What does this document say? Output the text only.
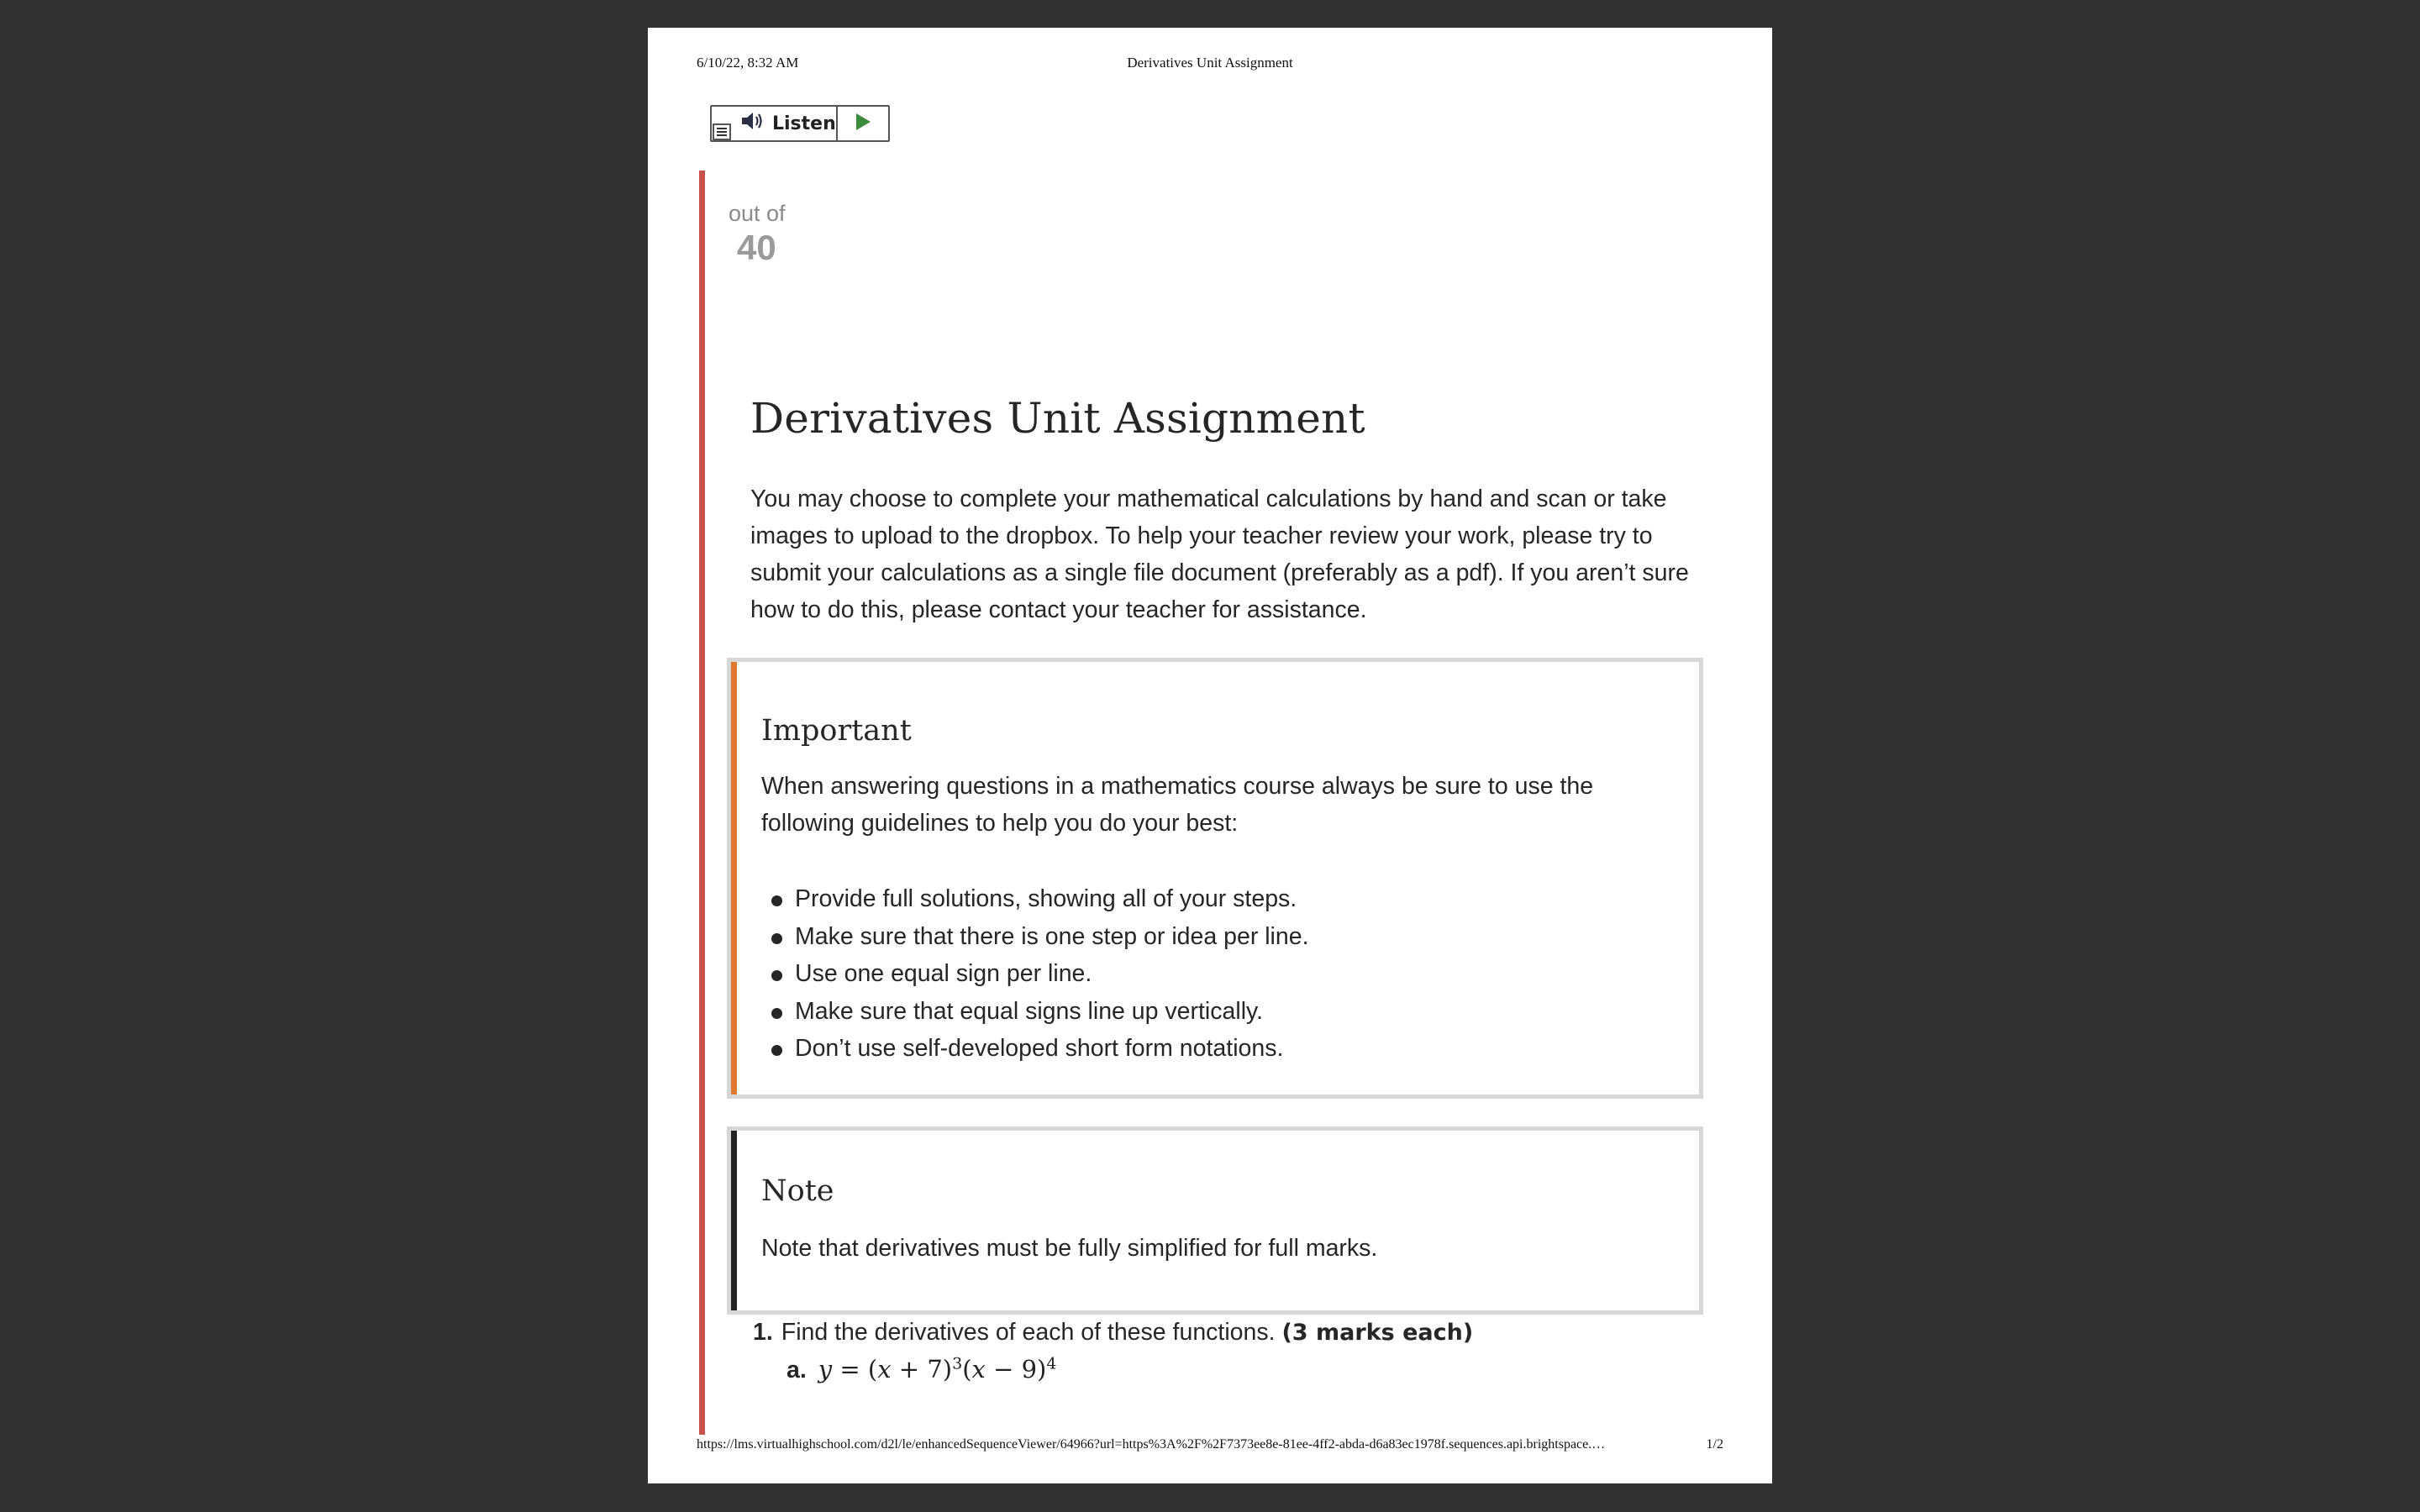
6/10/22, 8:32 AM	Derivatives Unit Assignment
Listen
out of
40
Derivatives Unit Assignment

You may choose to complete your mathematical calculations by hand and scan or take images to upload to the dropbox. To help your teacher review your work, please try to submit your calculations as a single file document (preferably as a pdf). If you aren’t sure how to do this, please contact your teacher for assistance.

Important

When answering questions in a mathematics course always be sure to use the following guidelines to help you do your best:

Provide full solutions, showing all of your steps.
Make sure that there is one step or idea per line.
Use one equal sign per line.
Make sure that equal signs line up vertically.
Don’t use self-developed short form notations.
Note

Note that derivatives must be fully simplified for full marks.

1. Find the derivatives of each of these functions. (3 marks each)
a. $y = (x + 7)^3(x - 9)^4$
https://lms.virtualhighschool.com/d2l/le/enhancedSequenceViewer/64966?url=https%3A%2F%2F7373ee8e-81ee-4ff2-abda-d6a83ec1978f.sequences.api.brightspace.…	1/2
